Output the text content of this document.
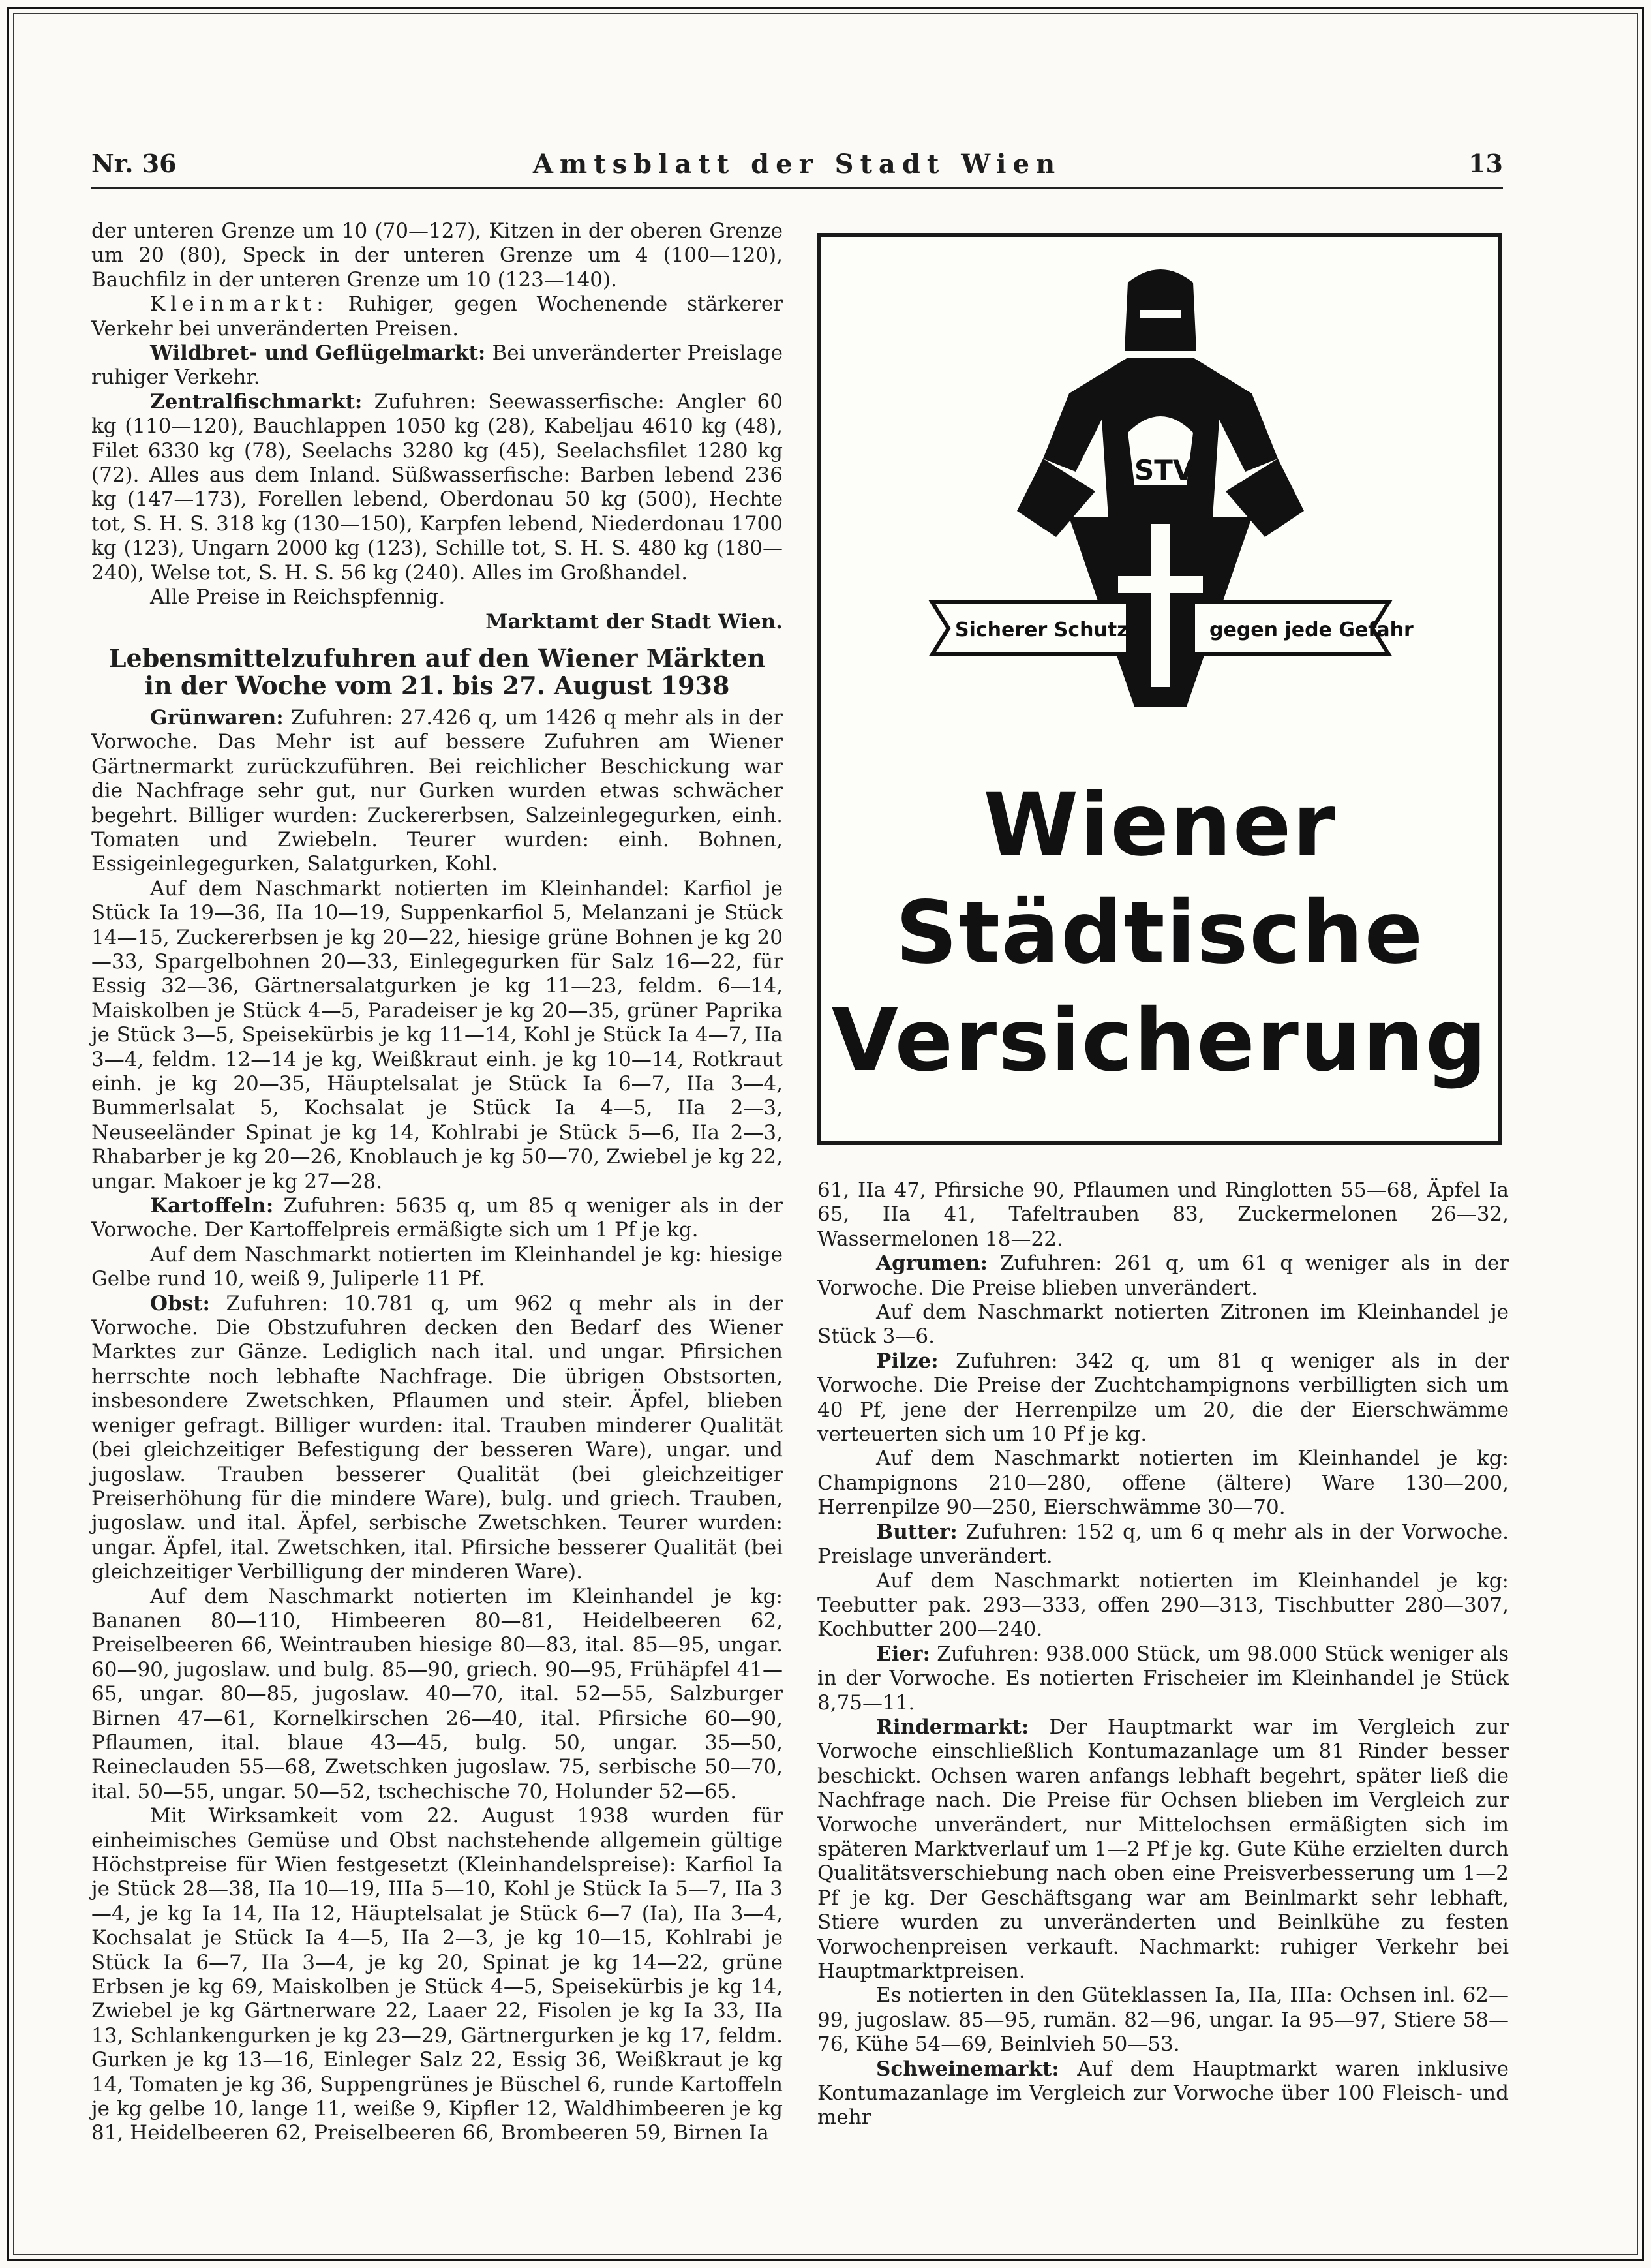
Nr. 36	Amtsblatt der Stadt Wien	13

der unteren Grenze um 10 (70—127), Kitzen in der oberen Grenze um 20 (80), Speck in der unteren Grenze um 4 (100—120), Bauchfilz in der unteren Grenze um 10 (123—140).

Kleinmarkt: Ruhiger, gegen Wochenende stärkerer Verkehr bei unveränderten Preisen.

Wildbret- und Geflügelmarkt: Bei unveränderter Preislage ruhiger Verkehr.

Zentralfischmarkt: Zufuhren: Seewasserfische: Angler 60 kg (110—120), Bauchlappen 1050 kg (28), Kabeljau 4610 kg (48), Filet 6330 kg (78), Seelachs 3280 kg (45), Seelachsfilet 1280 kg (72). Alles aus dem Inland. Süßwasserfische: Barben lebend 236 kg (147—173), Forellen lebend, Oberdonau 50 kg (500), Hechte tot, S. H. S. 318 kg (130—150), Karpfen lebend, Niederdonau 1700 kg (123), Ungarn 2000 kg (123), Schille tot, S. H. S. 480 kg (180—240), Welse tot, S. H. S. 56 kg (240). Alles im Großhandel.

Alle Preise in Reichspfennig.

Marktamt der Stadt Wien.

Lebensmittelzufuhren auf den Wiener Märkten in der Woche vom 21. bis 27. August 1938

Grünwaren: Zufuhren: 27.426 q, um 1426 q mehr als in der Vorwoche. Das Mehr ist auf bessere Zufuhren am Wiener Gärtnermarkt zurückzuführen. Bei reichlicher Beschickung war die Nachfrage sehr gut, nur Gurken wurden etwas schwächer begehrt. Billiger wurden: Zuckererbsen, Salzeinlegegurken, einh. Tomaten und Zwiebeln. Teurer wurden: einh. Bohnen, Essigeinlegegurken, Salatgurken, Kohl.

Auf dem Naschmarkt notierten im Kleinhandel: Karfiol je Stück Ia 19—36, IIa 10—19, Suppenkarfiol 5, Melanzani je Stück 14—15, Zuckererbsen je kg 20—22, hiesige grüne Bohnen je kg 20—33, Spargelbohnen 20—33, Einlegegurken für Salz 16—22, für Essig 32—36, Gärtnersalatgurken je kg 11—23, feldm. 6—14, Maiskolben je Stück 4—5, Paradeiser je kg 20—35, grüner Paprika je Stück 3—5, Speisekürbis je kg 11—14, Kohl je Stück Ia 4—7, IIa 3—4, feldm. 12—14 je kg, Weißkraut einh. je kg 10—14, Rotkraut einh. je kg 20—35, Häuptelsalat je Stück Ia 6—7, IIa 3—4, Bummerlsalat 5, Kochsalat je Stück Ia 4—5, IIa 2—3, Neuseeländer Spinat je kg 14, Kohlrabi je Stück 5—6, IIa 2—3, Rhabarber je kg 20—26, Knoblauch je kg 50—70, Zwiebel je kg 22, ungar. Makoer je kg 27—28.

Kartoffeln: Zufuhren: 5635 q, um 85 q weniger als in der Vorwoche. Der Kartoffelpreis ermäßigte sich um 1 Pf je kg.

Auf dem Naschmarkt notierten im Kleinhandel je kg: hiesige Gelbe rund 10, weiß 9, Juliperle 11 Pf.

Obst: Zufuhren: 10.781 q, um 962 q mehr als in der Vorwoche. Die Obstzufuhren decken den Bedarf des Wiener Marktes zur Gänze. Lediglich nach ital. und ungar. Pfirsichen herrschte noch lebhafte Nachfrage. Die übrigen Obstsorten, insbesondere Zwetschken, Pflaumen und steir. Äpfel, blieben weniger gefragt. Billiger wurden: ital. Trauben minderer Qualität (bei gleichzeitiger Befestigung der besseren Ware), ungar. und jugoslaw. Trauben besserer Qualität (bei gleichzeitiger Preiserhöhung für die mindere Ware), bulg. und griech. Trauben, jugoslaw. und ital. Äpfel, serbische Zwetschken. Teurer wurden: ungar. Äpfel, ital. Zwetschken, ital. Pfirsiche besserer Qualität (bei gleichzeitiger Verbilligung der minderen Ware).

Auf dem Naschmarkt notierten im Kleinhandel je kg: Bananen 80—110, Himbeeren 80—81, Heidelbeeren 62, Preiselbeeren 66, Weintrauben hiesige 80—83, ital. 85—95, ungar. 60—90, jugoslaw. und bulg. 85—90, griech. 90—95, Frühäpfel 41—65, ungar. 80—85, jugoslaw. 40—70, ital. 52—55, Salzburger Birnen 47—61, Kornelkirschen 26—40, ital. Pfirsiche 60—90, Pflaumen, ital. blaue 43—45, bulg. 50, ungar. 35—50, Reineclauden 55—68, Zwetschken jugoslaw. 75, serbische 50—70, ital. 50—55, ungar. 50—52, tschechische 70, Holunder 52—65.

Mit Wirksamkeit vom 22. August 1938 wurden für einheimisches Gemüse und Obst nachstehende allgemein gültige Höchstpreise für Wien festgesetzt (Kleinhandelspreise): Karfiol Ia je Stück 28—38, IIa 10—19, IIIa 5—10, Kohl je Stück Ia 5—7, IIa 3—4, je kg Ia 14, IIa 12, Häuptelsalat je Stück 6—7 (Ia), IIa 3—4, Kochsalat je Stück Ia 4—5, IIa 2—3, je kg 10—15, Kohlrabi je Stück Ia 6—7, IIa 3—4, je kg 20, Spinat je kg 14—22, grüne Erbsen je kg 69, Maiskolben je Stück 4—5, Speisekürbis je kg 14, Zwiebel je kg Gärtnerware 22, Laaer 22, Fisolen je kg Ia 33, IIa 13, Schlankengurken je kg 23—29, Gärtnergurken je kg 17, feldm. Gurken je kg 13—16, Einleger Salz 22, Essig 36, Weißkraut je kg 14, Tomaten je kg 36, Suppengrünes je Büschel 6, runde Kartoffeln je kg gelbe 10, lange 11, weiße 9, Kipfler 12, Waldhimbeeren je kg 81, Heidelbeeren 62, Preiselbeeren 66, Brombeeren 59, Birnen Ia

STV
Sicherer Schutz	gegen jede Gefahr
Wiener
Städtische
Versicherung

61, IIa 47, Pfirsiche 90, Pflaumen und Ringlotten 55—68, Äpfel Ia 65, IIa 41, Tafeltrauben 83, Zuckermelonen 26—32, Wassermelonen 18—22.

Agrumen: Zufuhren: 261 q, um 61 q weniger als in der Vorwoche. Die Preise blieben unverändert.

Auf dem Naschmarkt notierten Zitronen im Kleinhandel je Stück 3—6.

Pilze: Zufuhren: 342 q, um 81 q weniger als in der Vorwoche. Die Preise der Zuchtchampignons verbilligten sich um 40 Pf, jene der Herrenpilze um 20, die der Eierschwämme verteuerten sich um 10 Pf je kg.

Auf dem Naschmarkt notierten im Kleinhandel je kg: Champignons 210—280, offene (ältere) Ware 130—200, Herrenpilze 90—250, Eierschwämme 30—70.

Butter: Zufuhren: 152 q, um 6 q mehr als in der Vorwoche. Preislage unverändert.

Auf dem Naschmarkt notierten im Kleinhandel je kg: Teebutter pak. 293—333, offen 290—313, Tischbutter 280—307, Kochbutter 200—240.

Eier: Zufuhren: 938.000 Stück, um 98.000 Stück weniger als in der Vorwoche. Es notierten Frischeier im Kleinhandel je Stück 8,75—11.

Rindermarkt: Der Hauptmarkt war im Vergleich zur Vorwoche einschließlich Kontumazanlage um 81 Rinder besser beschickt. Ochsen waren anfangs lebhaft begehrt, später ließ die Nachfrage nach. Die Preise für Ochsen blieben im Vergleich zur Vorwoche unverändert, nur Mittelochsen ermäßigten sich im späteren Marktverlauf um 1—2 Pf je kg. Gute Kühe erzielten durch Qualitätsverschiebung nach oben eine Preisverbesserung um 1—2 Pf je kg. Der Geschäftsgang war am Beinlmarkt sehr lebhaft, Stiere wurden zu unveränderten und Beinlkühe zu festen Vorwochenpreisen verkauft. Nachmarkt: ruhiger Verkehr bei Hauptmarktpreisen.

Es notierten in den Güteklassen Ia, IIa, IIIa: Ochsen inl. 62—99, jugoslaw. 85—95, rumän. 82—96, ungar. Ia 95—97, Stiere 58—76, Kühe 54—69, Beinlvieh 50—53.

Schweinemarkt: Auf dem Hauptmarkt waren inklusive Kontumazanlage im Vergleich zur Vorwoche über 100 Fleisch- und mehr
